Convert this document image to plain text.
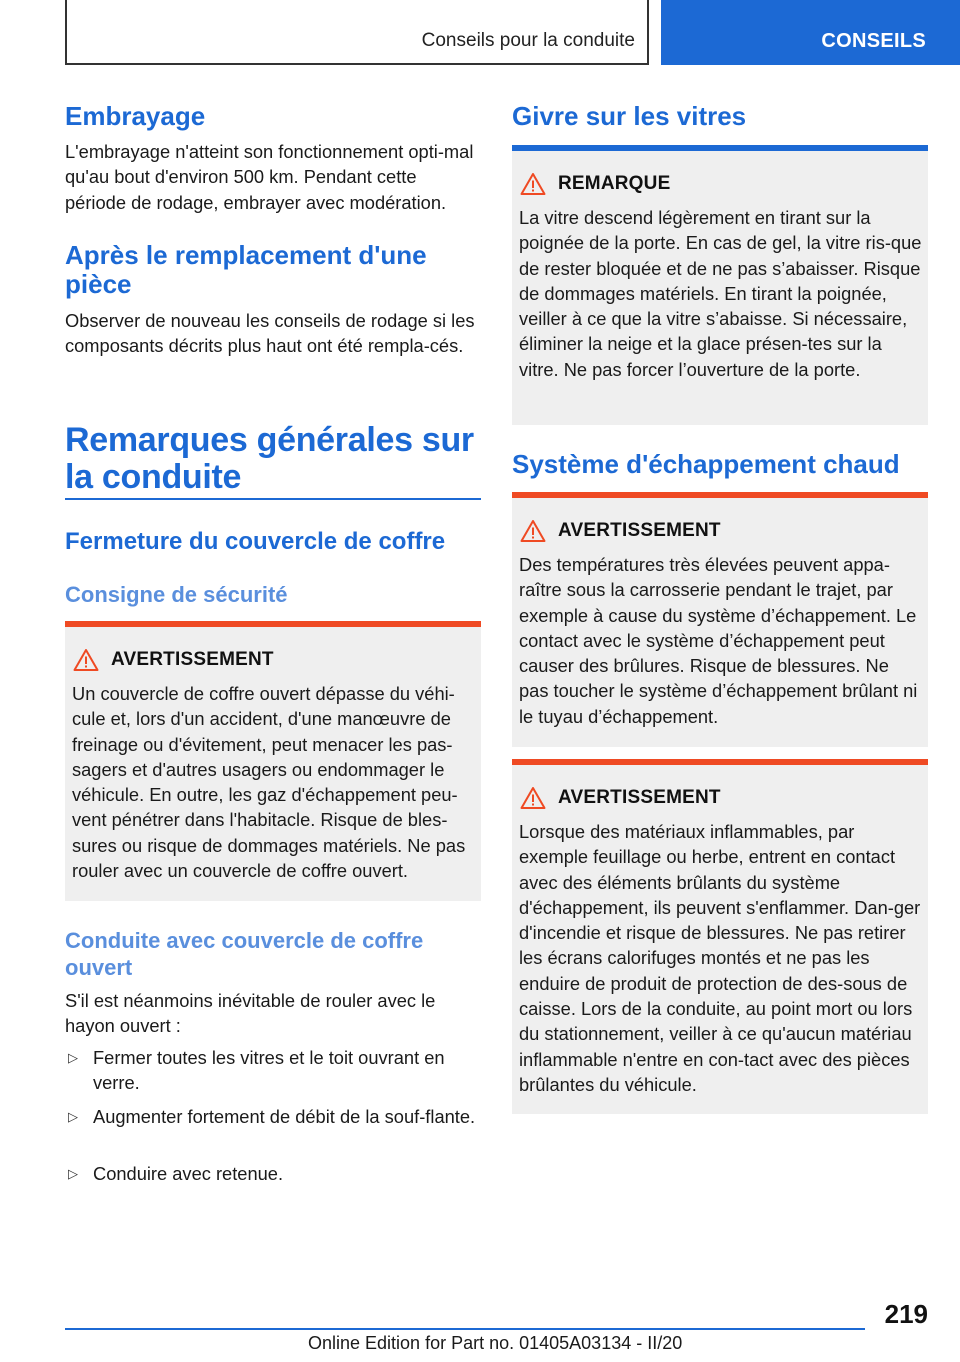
Conseils pour la conduite	CONSEILS
Embrayage
L'embrayage n'atteint son fonctionnement opti-mal qu'au bout d'environ 500 km. Pendant cette période de rodage, embrayer avec modération.
Après le remplacement d'une pièce
Observer de nouveau les conseils de rodage si les composants décrits plus haut ont été rempla-cés.
Remarques générales sur la conduite
Fermeture du couvercle de coffre
Consigne de sécurité
AVERTISSEMENT
Un couvercle de coffre ouvert dépasse du véhi-cule et, lors d'un accident, d'une manœuvre de freinage ou d'évitement, peut menacer les pas-sagers et d'autres usagers ou endommager le véhicule. En outre, les gaz d'échappement peu-vent pénétrer dans l'habitacle. Risque de bles-sures ou risque de dommages matériels. Ne pas rouler avec un couvercle de coffre ouvert.
Conduite avec couvercle de coffre ouvert
S'il est néanmoins inévitable de rouler avec le hayon ouvert :
▷ Fermer toutes les vitres et le toit ouvrant en verre.
▷ Augmenter fortement de débit de la souf-flante.
▷ Conduire avec retenue.
Givre sur les vitres
REMARQUE
La vitre descend légèrement en tirant sur la poignée de la porte. En cas de gel, la vitre ris-que de rester bloquée et de ne pas s’abaisser. Risque de dommages matériels. En tirant la poignée, veiller à ce que la vitre s’abaisse. Si nécessaire, éliminer la neige et la glace présen-tes sur la vitre. Ne pas forcer l’ouverture de la porte.
Système d'échappement chaud
AVERTISSEMENT
Des températures très élevées peuvent appa-raître sous la carrosserie pendant le trajet, par exemple à cause du système d’échappement. Le contact avec le système d’échappement peut causer des brûlures. Risque de blessures. Ne pas toucher le système d’échappement brûlant ni le tuyau d’échappement.
AVERTISSEMENT
Lorsque des matériaux inflammables, par exemple feuillage ou herbe, entrent en contact avec des éléments brûlants du système d'échappement, ils peuvent s'enflammer. Dan-ger d'incendie et risque de blessures. Ne pas retirer les écrans calorifuges montés et ne pas les enduire de produit de protection de des-sous de caisse. Lors de la conduite, au point mort ou lors du stationnement, veiller à ce qu'aucun matériau inflammable n'entre en con-tact avec des pièces brûlantes du véhicule.
219
Online Edition for Part no. 01405A03134 - II/20
